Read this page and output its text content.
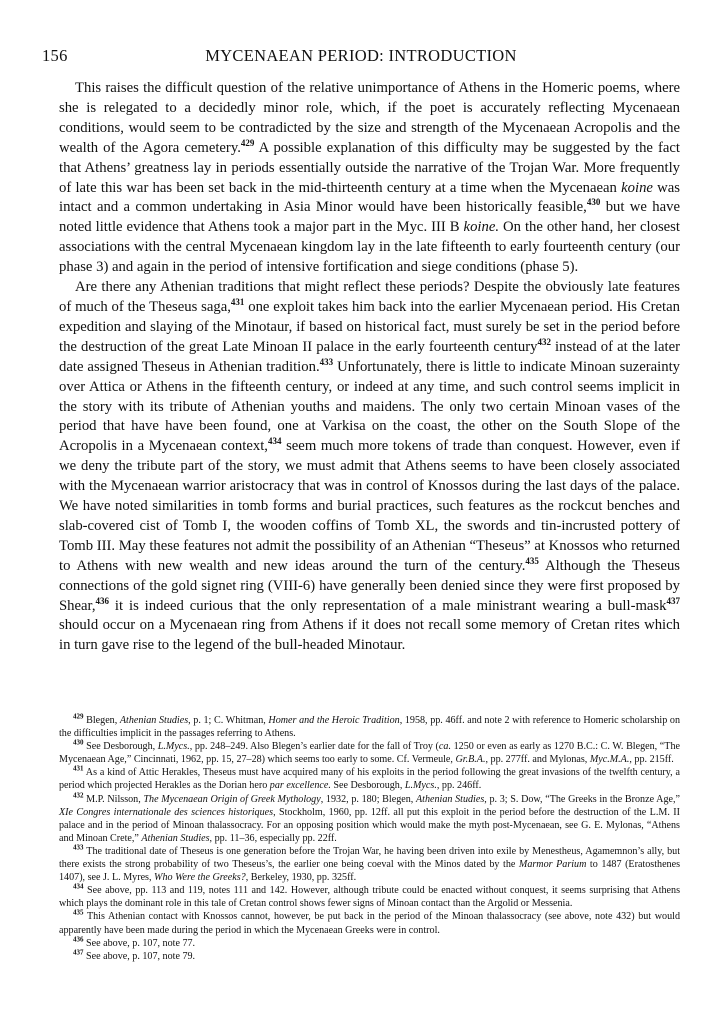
156	MYCENAEAN PERIOD: INTRODUCTION

This raises the difficult question of the relative unimportance of Athens in the Homeric poems, where she is relegated to a decidedly minor role, which, if the poet is accurately reflecting Mycenaean conditions, would seem to be contradicted by the size and strength of the Mycenaean Acropolis and the wealth of the Agora cemetery.$^{429}$ A possible explanation of this difficulty may be suggested by the fact that Athens’ greatness lay in periods essentially outside the narrative of the Trojan War. More frequently of late this war has been set back in the mid-thirteenth century at a time when the Mycenaean koine was intact and a common undertaking in Asia Minor would have been historically feasible,$^{430}$ but we have noted little evidence that Athens took a major part in the Myc. III B koine. On the other hand, her closest associations with the central Mycenaean kingdom lay in the late fifteenth to early fourteenth century (our phase 3) and again in the period of intensive fortification and siege conditions (phase 5).

Are there any Athenian traditions that might reflect these periods? Despite the obviously late features of much of the Theseus saga,$^{431}$ one exploit takes him back into the earlier Mycenaean period. His Cretan expedition and slaying of the Minotaur, if based on historical fact, must surely be set in the period before the destruction of the great Late Minoan II palace in the early fourteenth century$^{432}$ instead of at the later date assigned Theseus in Athenian tradition.$^{433}$ Unfortunately, there is little to indicate Minoan suzerainty over Attica or Athens in the fifteenth century, or indeed at any time, and such control seems implicit in the story with its tribute of Athenian youths and maidens. The only two certain Minoan vases of the period that have have been found, one at Varkisa on the coast, the other on the South Slope of the Acropolis in a Mycenaean context,$^{434}$ seem much more tokens of trade than conquest. However, even if we deny the tribute part of the story, we must admit that Athens seems to have been closely associated with the Mycenaean warrior aristocracy that was in control of Knossos during the last days of the palace. We have noted similarities in tomb forms and burial practices, such features as the rockcut benches and slab-covered cist of Tomb I, the wooden coffins of Tomb XL, the swords and tin-incrusted pottery of Tomb III. May these features not admit the possibility of an Athenian “Theseus” at Knossos who returned to Athens with new wealth and new ideas around the turn of the century.$^{435}$ Although the Theseus connections of the gold signet ring (VIII-6) have generally been denied since they were first proposed by Shear,$^{436}$ it is indeed curious that the only representation of a male ministrant wearing a bull-mask$^{437}$ should occur on a Mycenaean ring from Athens if it does not recall some memory of Cretan rites which in turn gave rise to the legend of the bull-headed Minotaur.

$^{429}$ Blegen, Athenian Studies, p. 1; C. Whitman, Homer and the Heroic Tradition, 1958, pp. 46ff. and note 2 with reference to Homeric scholarship on the difficulties implicit in the passages referring to Athens.

$^{430}$ See Desborough, L.Mycs., pp. 248–249. Also Blegen’s earlier date for the fall of Troy (ca. 1250 or even as early as 1270 B.C.: C. W. Blegen, “The Mycenaean Age,” Cincinnati, 1962, pp. 15, 27–28) which seems too early to some. Cf. Vermeule, Gr.B.A., pp. 277ff. and Mylonas, Myc.M.A., pp. 215ff.

$^{431}$ As a kind of Attic Herakles, Theseus must have acquired many of his exploits in the period following the great invasions of the twelfth century, a period which projected Herakles as the Dorian hero par excellence. See Desborough, L.Mycs., pp. 246ff.

$^{432}$ M.P. Nilsson, The Mycenaean Origin of Greek Mythology, 1932, p. 180; Blegen, Athenian Studies, p. 3; S. Dow, “The Greeks in the Bronze Age,” XIe Congres internationale des sciences historiques, Stockholm, 1960, pp. 12ff. all put this exploit in the period before the destruction of the L.M. II palace and in the period of Minoan thalassocracy. For an opposing position which would make the myth post-Mycenaean, see G. E. Mylonas, “Athens and Minoan Crete,” Athenian Studies, pp. 11–36, especially pp. 22ff.

$^{433}$ The traditional date of Theseus is one generation before the Trojan War, he having been driven into exile by Menestheus, Agamemnon’s ally, but there exists the strong probability of two Theseus’s, the earlier one being coeval with the Minos dated by the Marmor Parium to 1487 (Eratosthenes 1407), see J. L. Myres, Who Were the Greeks?, Berkeley, 1930, pp. 325ff.

$^{434}$ See above, pp. 113 and 119, notes 111 and 142. However, although tribute could be enacted without conquest, it seems surprising that Athens which plays the dominant role in this tale of Cretan control shows fewer signs of Minoan contact than the Argolid or Messenia.

$^{435}$ This Athenian contact with Knossos cannot, however, be put back in the period of the Minoan thalassocracy (see above, note 432) but would apparently have been made during the period in which the Mycenaean Greeks were in control.

$^{436}$ See above, p. 107, note 77.

$^{437}$ See above, p. 107, note 79.
